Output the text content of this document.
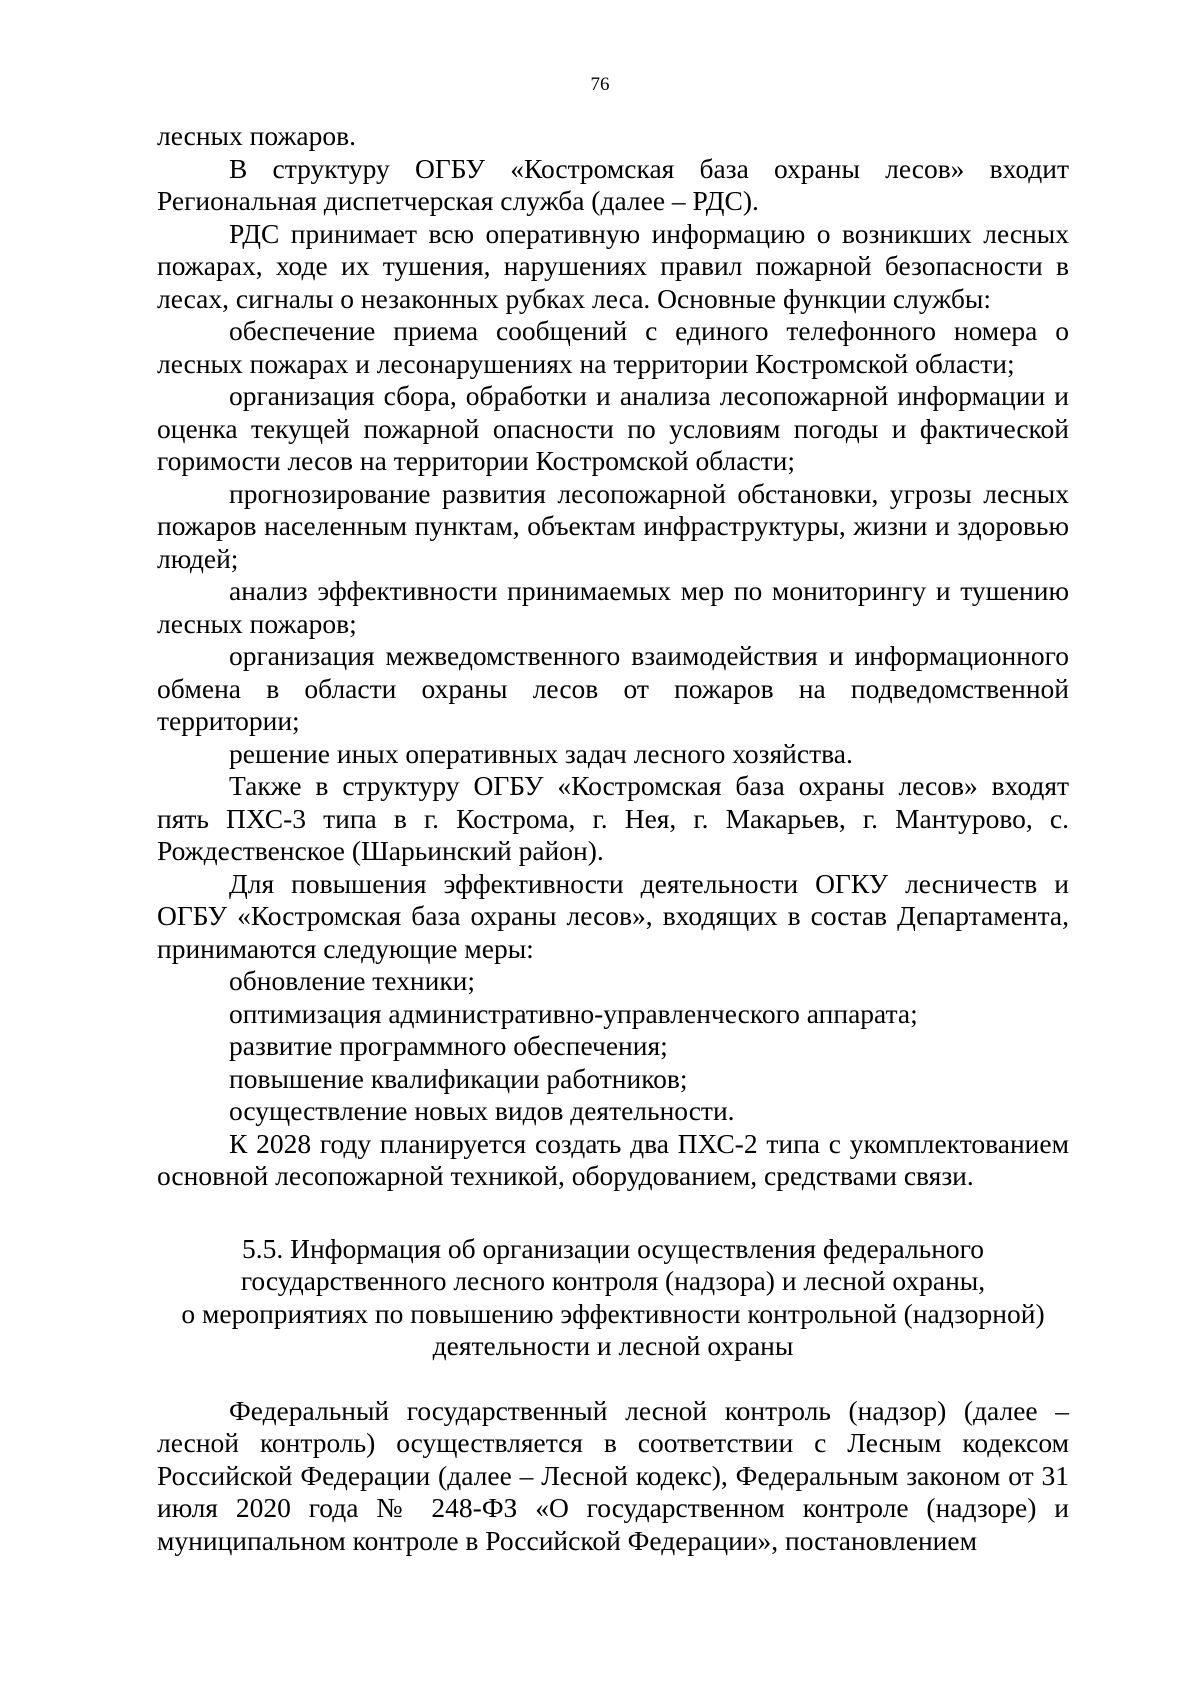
76

лесных пожаров.

В структуру ОГБУ «Костромская база охраны лесов» входит Региональная диспетчерская служба (далее – РДС).

РДС принимает всю оперативную информацию о возникших лесных пожарах, ходе их тушения, нарушениях правил пожарной безопасности в лесах, сигналы о незаконных рубках леса. Основные функции службы:

обеспечение приема сообщений с единого телефонного номера о лесных пожарах и лесонарушениях на территории Костромской области;

организация сбора, обработки и анализа лесопожарной информации и оценка текущей пожарной опасности по условиям погоды и фактической горимости лесов на территории Костромской области;

прогнозирование развития лесопожарной обстановки, угрозы лесных пожаров населенным пунктам, объектам инфраструктуры, жизни и здоровью людей;

анализ эффективности принимаемых мер по мониторингу и тушению лесных пожаров;

организация межведомственного взаимодействия и информационного обмена в области охраны лесов от пожаров на подведомственной территории;

решение иных оперативных задач лесного хозяйства.

Также в структуру ОГБУ «Костромская база охраны лесов» входят пять ПХС-3 типа в г. Кострома, г. Нея, г. Макарьев, г. Мантурово, с. Рождественское (Шарьинский район).

Для повышения эффективности деятельности ОГКУ лесничеств и ОГБУ «Костромская база охраны лесов», входящих в состав Департамента, принимаются следующие меры:

обновление техники;

оптимизация административно-управленческого аппарата;

развитие программного обеспечения;

повышение квалификации работников;

осуществление новых видов деятельности.

К 2028 году планируется создать два ПХС-2 типа с укомплектованием основной лесопожарной техникой, оборудованием, средствами связи.

5.5. Информация об организации осуществления федерального
государственного лесного контроля (надзора) и лесной охраны,
о мероприятиях по повышению эффективности контрольной (надзорной)
деятельности и лесной охраны

Федеральный государственный лесной контроль (надзор) (далее – лесной контроль) осуществляется в соответствии с Лесным кодексом Российской Федерации (далее – Лесной кодекс), Федеральным законом от 31 июля 2020 года № 248-ФЗ «О государственном контроле (надзоре) и муниципальном контроле в Российской Федерации», постановлением
